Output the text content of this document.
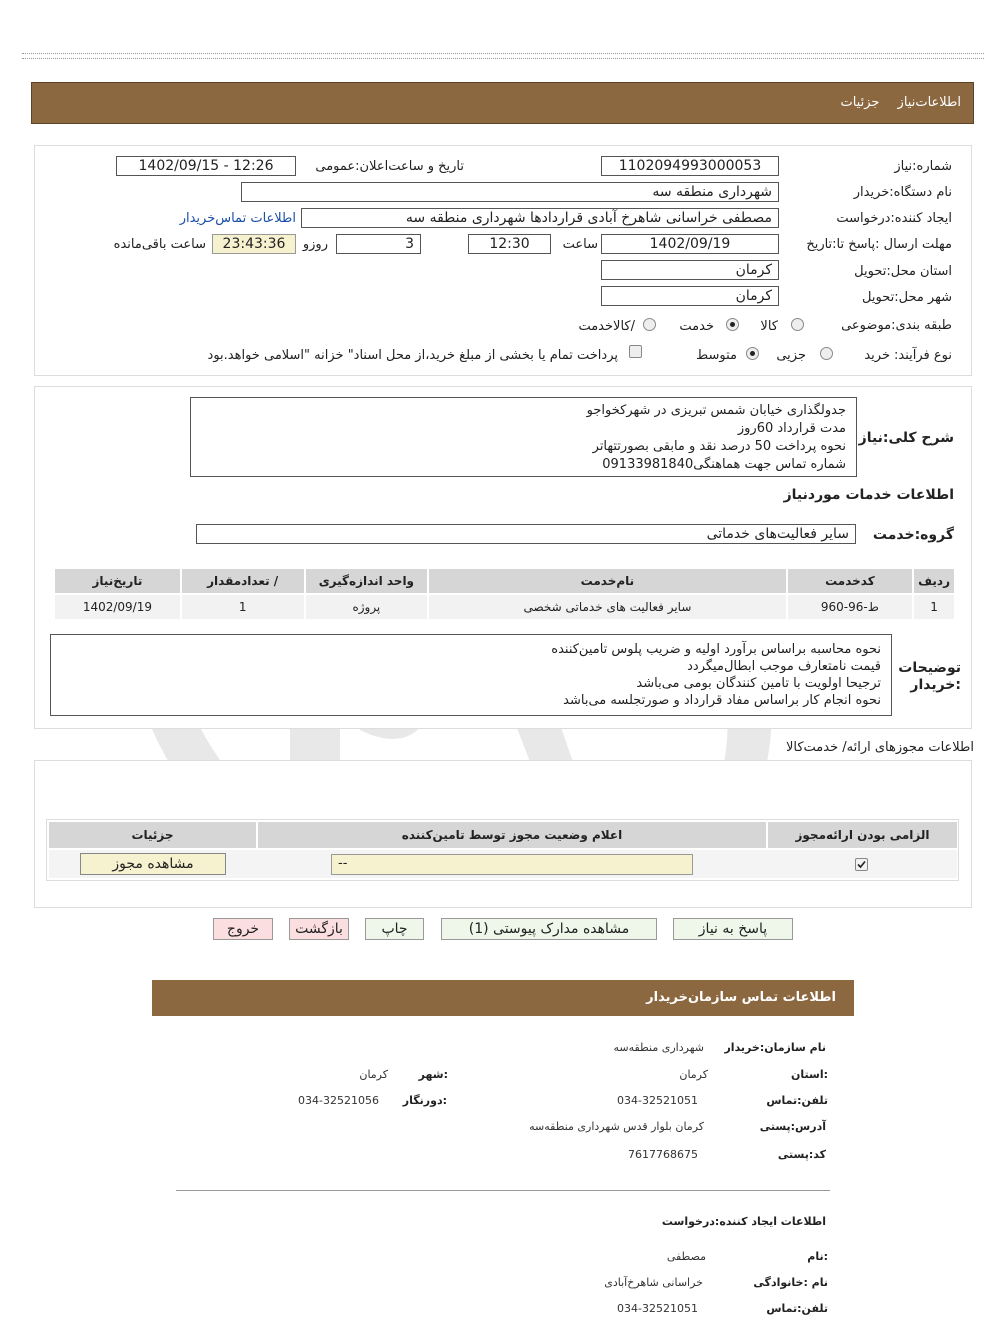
اطلاعات‌نیاز جزئیات
شماره:نیاز
1102094993000053
تاریخ و ساعت‌اعلان:عمومی
1402/09/15 - 12:26
نام دستگاه:خریدار
شهرداری منطقه سه
ایجاد کننده:درخواست
مصطفی خراسانی شاهرخ آبادی قراردادها شهرداری منطقه سه
اطلاعات تماس‌خریدار
مهلت ارسال :پاسخ تا:تاریخ
1402/09/19
ساعت
12:30
3
روزو
23:43:36
ساعت باقی‌مانده
استان محل:تحویل
کرمان
شهر محل:تحویل
کرمان
طبقه بندی:موضوعی
کالا
خدمت
/کالاخدمت
نوع فرآیند:
خرید
جزیی
متوسط
پرداخت تمام یا بخشی از مبلغ خرید،از محل اسناد" خزانه "اسلامی خواهد.بود
شرح کلی:نیاز
جدولگذاری خیابان شمس تبریزی در شهرکخواجو
مدت قرارداد 60روز
نحوه پرداخت 50 درصد نقد و مابقی بصورتتهاتر
شماره تماس جهت هماهنگی09133981840
اطلاعات خدمات موردنیاز
گروه:خدمت
سایر فعالیت‌های خدماتی
ردیف	کدخدمت	نام‌خدمت	واحد اندازه‌گیری	/ تعدادمقدار	تاریخ‌نیاز
1	ط-96-960	سایر فعالیت های خدماتی شخصی	پروژه	1	1402/09/19
توضیحات :خریدار
نحوه محاسبه براساس برآورد اولیه و ضریب پلوس تامین‌کننده
قیمت نامتعارف موجب ابطال‌میگردد
ترجیحا اولویت با تامین کنندگان بومی می‌باشد
نحوه انجام کار براساس مفاد قرارداد و صورتجلسه می‌باشد
اطلاعات مجوزهای ارائه/ خدمت‌کالا
جزئیات	اعلام وضعیت مجوز توسط تامین‌کننده	الزامی بودن ارائه‌مجوز
مشاهده مجوز	--
پاسخ به نیاز
مشاهده مدارک پیوستی (1)
چاپ
بازگشت
خروج
اطلاعات تماس سازمان‌خریدار
نام سازمان:خریدار
شهرداری منطقه‌سه
:استان
کرمان
:شهر
کرمان
تلفن:تماس
034-32521051
:دورنگار
034-32521056
آدرس:پستی
کرمان بلوار قدس شهرداری منطقه‌سه
کد:پستی
7617768675
اطلاعات ایجاد کننده:درخواست
:نام
مصطفی
نام :خانوادگی
خراسانی شاهرخ‌آبادی
تلفن:تماس
034-32521051
